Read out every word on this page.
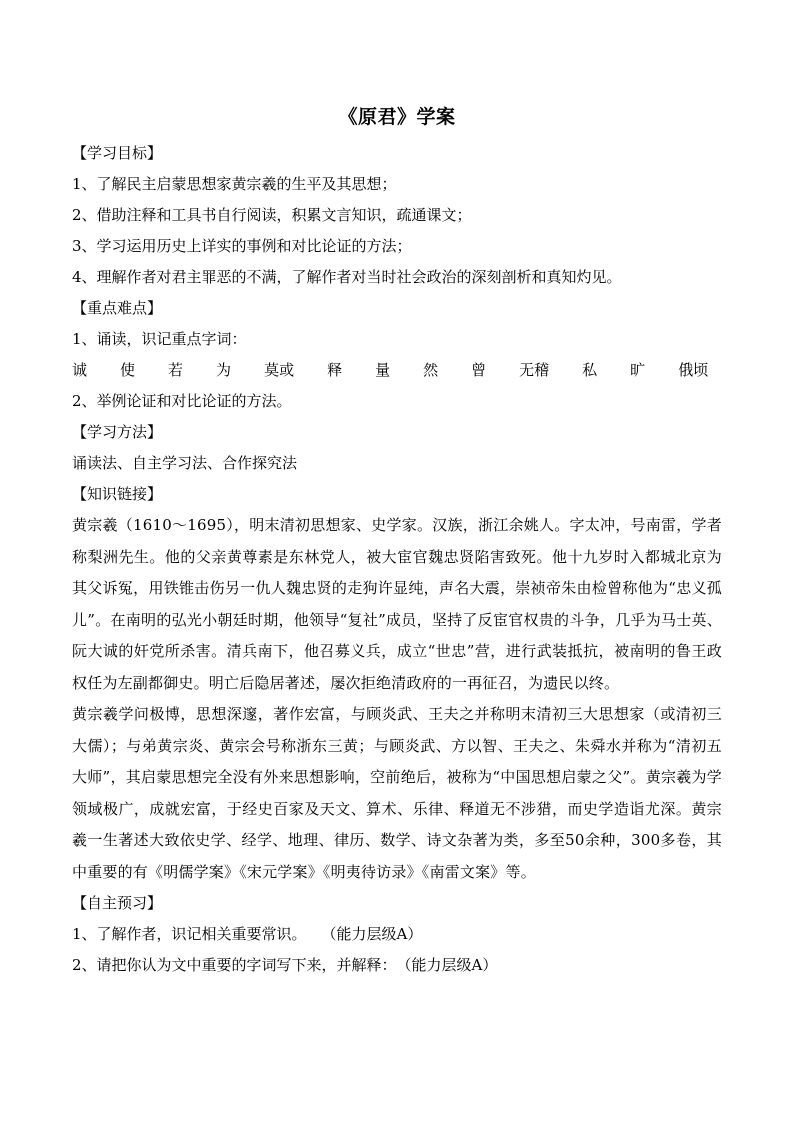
《原君》学案
【学习目标】
1、了解民主启蒙思想家黄宗羲的生平及其思想；
2、借助注释和工具书自行阅读，积累文言知识，疏通课文；
3、学习运用历史上详实的事例和对比论证的方法；
4、理解作者对君主罪恶的不满，了解作者对当时社会政治的深刻剖析和真知灼见。
【重点难点】
1、诵读，识记重点字词：
诚 使 若 为 莫或 释 量 然 曾 无稽 私 旷 俄顷
2、举例论证和对比论证的方法。
【学习方法】
诵读法、自主学习法、合作探究法
【知识链接】

黄宗羲（1610～1695），明末清初思想家、史学家。汉族，浙江余姚人。字太冲，号南雷，学者称梨洲先生。他的父亲黄尊素是东林党人，被大宦官魏忠贤陷害致死。他十九岁时入都城北京为其父诉冤，用铁锥击伤另一仇人魏忠贤的走狗许显纯，声名大震，崇祯帝朱由检曾称他为“忠义孤儿”。在南明的弘光小朝廷时期，他领导“复社”成员，坚持了反宦官权贵的斗争，几乎为马士英、阮大诚的奸党所杀害。清兵南下，他召募义兵，成立“世忠”营，进行武装抵抗，被南明的鲁王政权任为左副都御史。明亡后隐居著述，屡次拒绝清政府的一再征召，为遗民以终。

黄宗羲学问极博，思想深邃，著作宏富，与顾炎武、王夫之并称明末清初三大思想家（或清初三大儒）；与弟黄宗炎、黄宗会号称浙东三黄；与顾炎武、方以智、王夫之、朱舜水并称为“清初五大师”，其启蒙思想完全没有外来思想影响，空前绝后，被称为“中国思想启蒙之父”。黄宗羲为学领域极广，成就宏富，于经史百家及天文、算术、乐律、释道无不涉猎，而史学造诣尤深。黄宗羲一生著述大致依史学、经学、地理、律历、数学、诗文杂著为类，多至50余种，300多卷，其中重要的有《明儒学案》《宋元学案》《明夷待访录》《南雷文案》等。

【自主预习】
1、了解作者，识记相关重要常识。　　（能力层级A）
2、请把你认为文中重要的字词写下来，并解释：　（能力层级A）
